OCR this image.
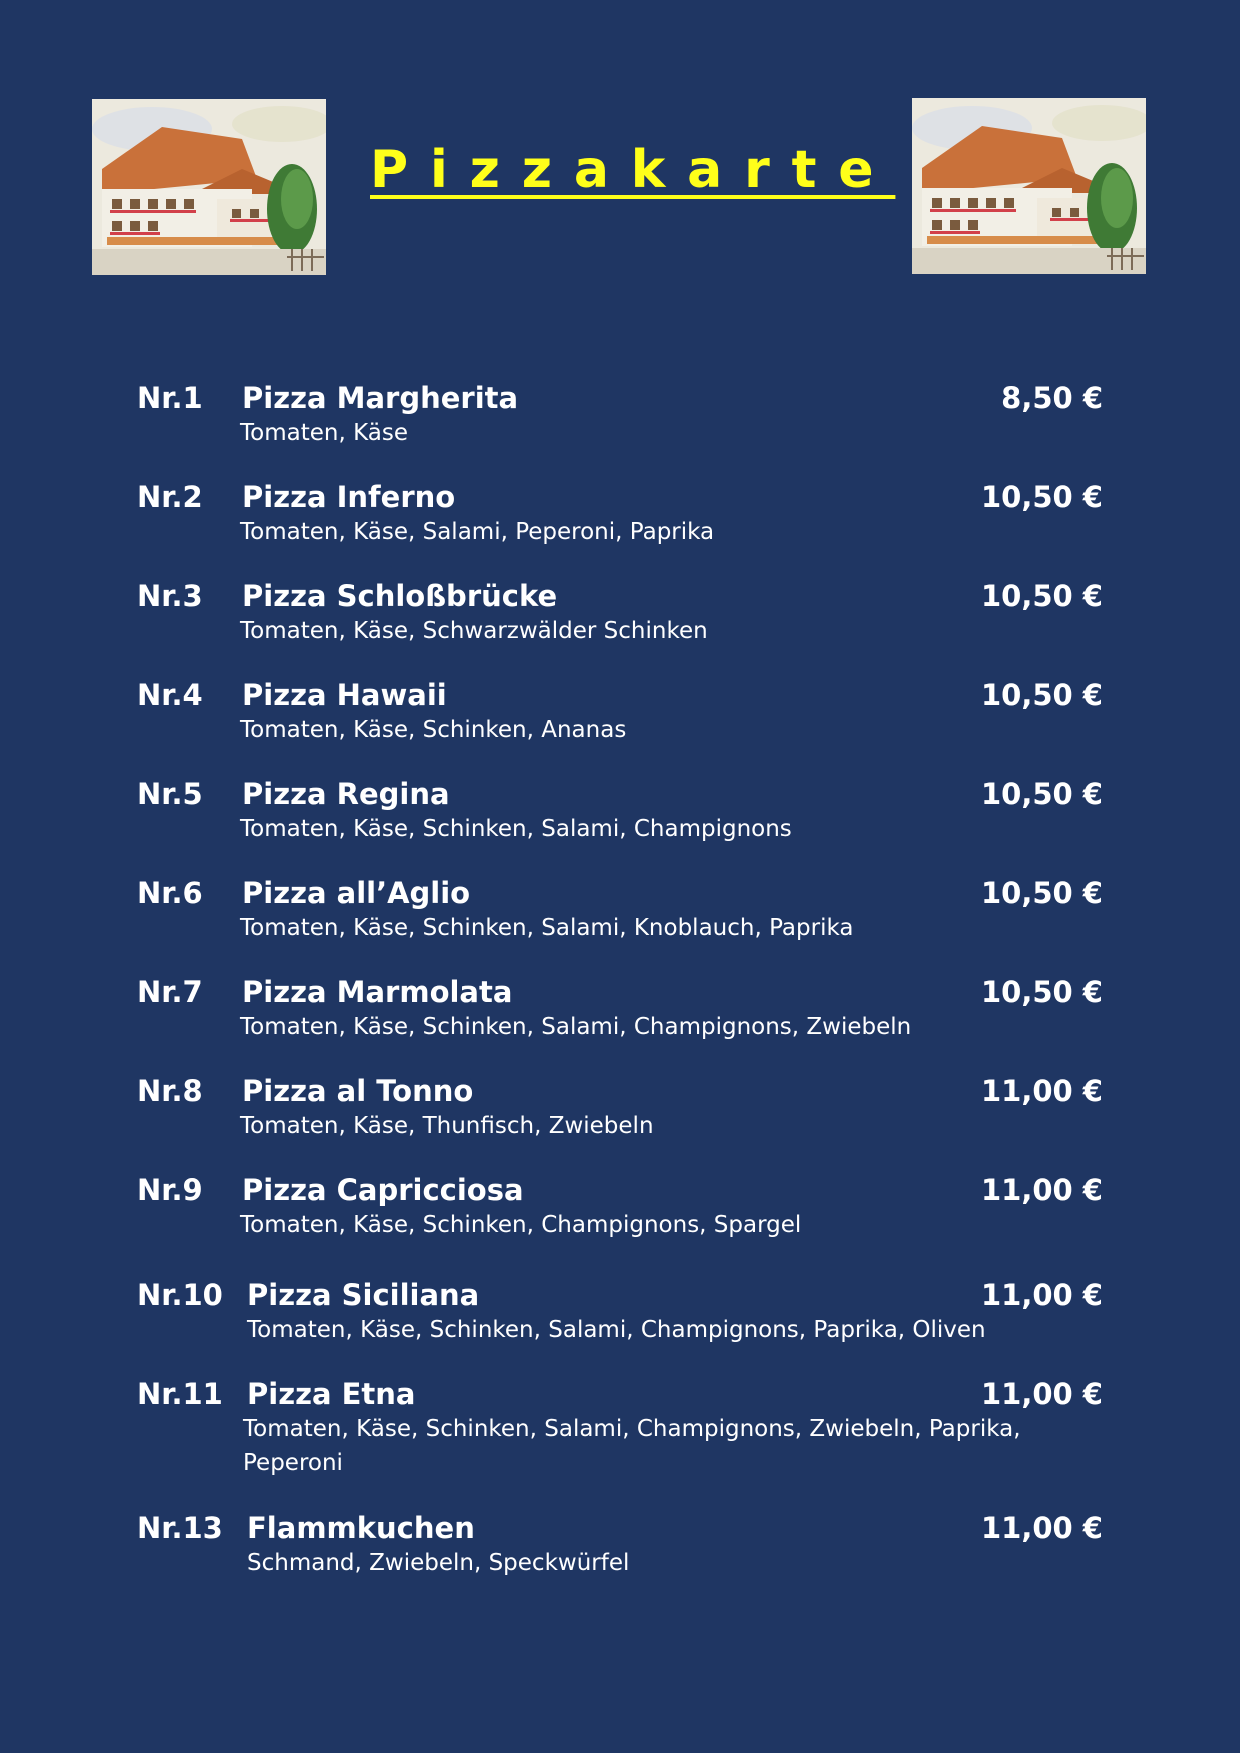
Pizzakarte
Nr.1 Pizza Margherita	8,50 €
Tomaten, Käse
Nr.2 Pizza Inferno	10,50 €
Tomaten, Käse, Salami, Peperoni, Paprika
Nr.3 Pizza Schloßbrücke	10,50 €
Tomaten, Käse, Schwarzwälder Schinken
Nr.4 Pizza Hawaii	10,50 €
Tomaten, Käse, Schinken, Ananas
Nr.5 Pizza Regina	10,50 €
Tomaten, Käse, Schinken, Salami, Champignons
Nr.6 Pizza all’Aglio	10,50 €
Tomaten, Käse, Schinken, Salami, Knoblauch, Paprika
Nr.7 Pizza Marmolata	10,50 €
Tomaten, Käse, Schinken, Salami, Champignons, Zwiebeln
Nr.8 Pizza al Tonno	11,00 €
Tomaten, Käse, Thunfisch, Zwiebeln
Nr.9 Pizza Capricciosa	11,00 €
Tomaten, Käse, Schinken, Champignons, Spargel
Nr.10 Pizza Siciliana	11,00 €
Tomaten, Käse, Schinken, Salami, Champignons, Paprika, Oliven
Nr.11 Pizza Etna	11,00 €
Tomaten, Käse, Schinken, Salami, Champignons, Zwiebeln, Paprika, Peperoni
Nr.13 Flammkuchen	11,00 €
Schmand, Zwiebeln, Speckwürfel
